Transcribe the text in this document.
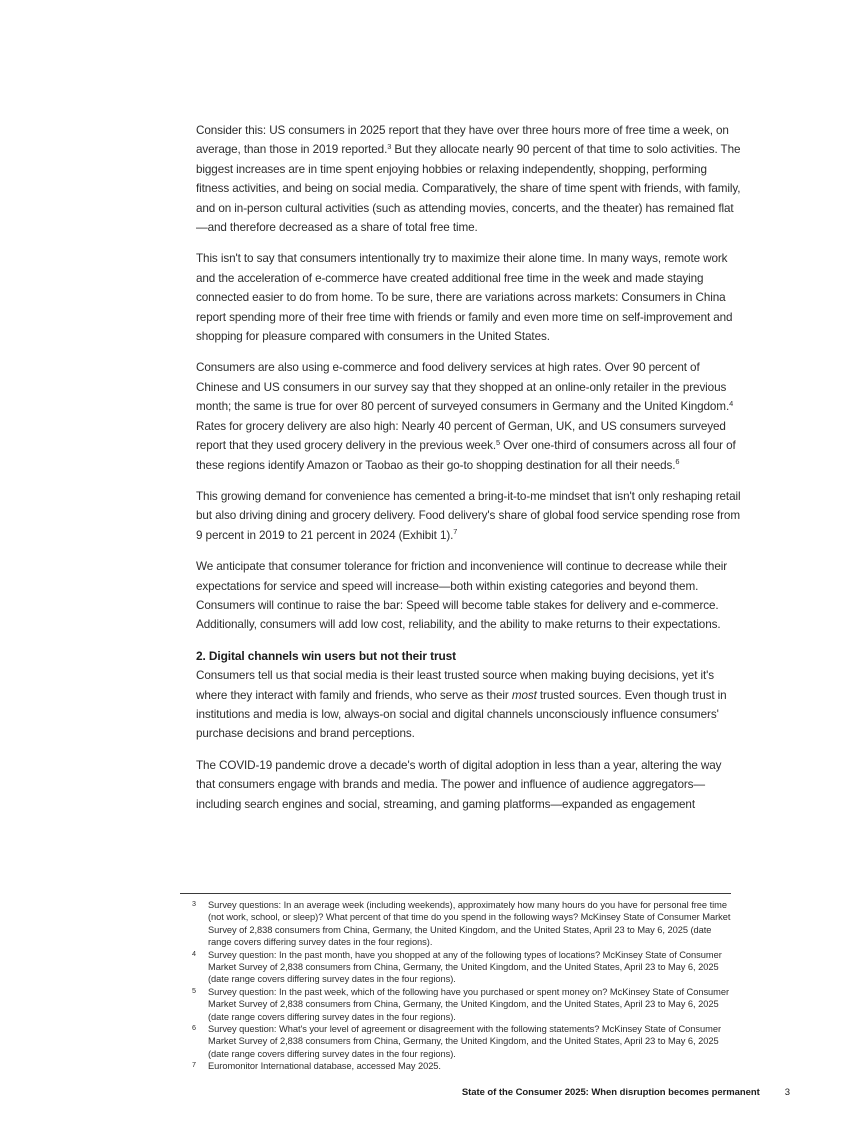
Consider this: US consumers in 2025 report that they have over three hours more of free time a week, on average, than those in 2019 reported.$^3$ But they allocate nearly 90 percent of that time to solo activities. The biggest increases are in time spent enjoying hobbies or relaxing independently, shopping, performing fitness activities, and being on social media. Comparatively, the share of time spent with friends, with family, and on in-person cultural activities (such as attending movies, concerts, and the theater) has remained flat—and therefore decreased as a share of total free time.

This isn't to say that consumers intentionally try to maximize their alone time. In many ways, remote work and the acceleration of e-commerce have created additional free time in the week and made staying connected easier to do from home. To be sure, there are variations across markets: Consumers in China report spending more of their free time with friends or family and even more time on self-improvement and shopping for pleasure compared with consumers in the United States.

Consumers are also using e-commerce and food delivery services at high rates. Over 90 percent of Chinese and US consumers in our survey say that they shopped at an online-only retailer in the previous month; the same is true for over 80 percent of surveyed consumers in Germany and the United Kingdom.$^4$ Rates for grocery delivery are also high: Nearly 40 percent of German, UK, and US consumers surveyed report that they used grocery delivery in the previous week.$^5$ Over one-third of consumers across all four of these regions identify Amazon or Taobao as their go-to shopping destination for all their needs.$^6$

This growing demand for convenience has cemented a bring-it-to-me mindset that isn't only reshaping retail but also driving dining and grocery delivery. Food delivery's share of global food service spending rose from 9 percent in 2019 to 21 percent in 2024 (Exhibit 1).$^7$

We anticipate that consumer tolerance for friction and inconvenience will continue to decrease while their expectations for service and speed will increase—both within existing categories and beyond them. Consumers will continue to raise the bar: Speed will become table stakes for delivery and e-commerce. Additionally, consumers will add low cost, reliability, and the ability to make returns to their expectations.

2. Digital channels win users but not their trust

Consumers tell us that social media is their least trusted source when making buying decisions, yet it's where they interact with family and friends, who serve as their most trusted sources. Even though trust in institutions and media is low, always-on social and digital channels unconsciously influence consumers' purchase decisions and brand perceptions.

The COVID-19 pandemic drove a decade's worth of digital adoption in less than a year, altering the way that consumers engage with brands and media. The power and influence of audience aggregators—including search engines and social, streaming, and gaming platforms—expanded as engagement

3	Survey questions: In an average week (including weekends), approximately how many hours do you have for personal free time (not work, school, or sleep)? What percent of that time do you spend in the following ways? McKinsey State of Consumer Market Survey of 2,838 consumers from China, Germany, the United Kingdom, and the United States, April 23 to May 6, 2025 (date range covers differing survey dates in the four regions).
4	Survey question: In the past month, have you shopped at any of the following types of locations? McKinsey State of Consumer Market Survey of 2,838 consumers from China, Germany, the United Kingdom, and the United States, April 23 to May 6, 2025 (date range covers differing survey dates in the four regions).
5	Survey question: In the past week, which of the following have you purchased or spent money on? McKinsey State of Consumer Market Survey of 2,838 consumers from China, Germany, the United Kingdom, and the United States, April 23 to May 6, 2025 (date range covers differing survey dates in the four regions).
6	Survey question: What's your level of agreement or disagreement with the following statements? McKinsey State of Consumer Market Survey of 2,838 consumers from China, Germany, the United Kingdom, and the United States, April 23 to May 6, 2025 (date range covers differing survey dates in the four regions).
7	Euromonitor International database, accessed May 2025.
State of the Consumer 2025: When disruption becomes permanent	3
